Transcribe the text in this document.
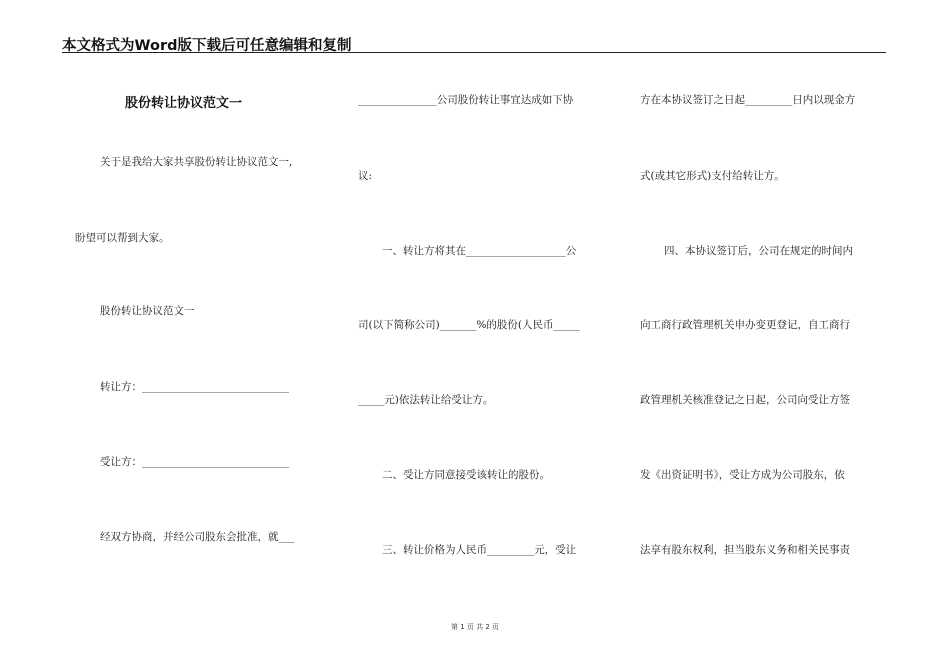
本文格式为Word版下载后可任意编辑和复制
股份转让协议范文一
关于是我给大家共享股份转让协议范文一,
盼望可以帮到大家。
股份转让协议范文一
转让方：____________________________
受让方：____________________________
经双方协商，并经公司股东会批准，就___
_______________公司股份转让事宜达成如下协
议:
一、转让方将其在___________________公
司(以下简称公司)_______%的股份(人民币_____
_____元)依法转让给受让方。
二、受让方同意接受该转让的股份。
三、转让价格为人民币_________元，受让
方在本协议签订之日起_________日内以现金方
式(或其它形式)支付给转让方。
四、本协议签订后，公司在规定的时间内
向工商行政管理机关申办变更登记，自工商行
政管理机关核准登记之日起，公司向受让方签
发《出资证明书》，受让方成为公司股东，依
法享有股东权利，担当股东义务和相关民事责
第 1 页 共 2 页
